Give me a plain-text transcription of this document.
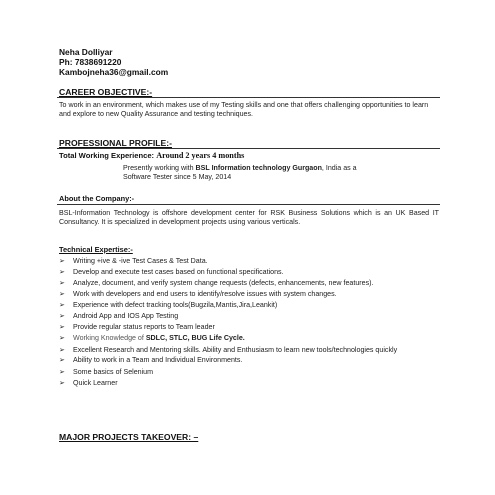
Neha Dolliyar
Ph: 7838691220
Kambojneha36@gmail.com
CAREER OBJECTIVE:-
To work in an environment, which makes use of my Testing skills and one that offers challenging opportunities to learn and explore to new Quality Assurance and testing techniques.
PROFESSIONAL PROFILE:-
Total Working Experience: Around 2 years 4 months
Presently working with BSL Information technology Gurgaon, India as a
Software Tester since 5 May, 2014
About the Company:-
BSL-Information Technology is offshore development center for RSK Business Solutions which is an UK Based IT Consultancy. It is specialized in development projects using various verticals.
Technical Expertise:-
➢ Writing +ive & -ive Test Cases & Test Data.
➢ Develop and execute test cases based on functional specifications.
➢ Analyze, document, and verify system change requests (defects, enhancements, new features).
➢ Work with developers and end users to identify/resolve issues with system changes.
➢ Experience with defect tracking tools(Bugzila,Mantis,Jira,Leankit)
➢ Android App and IOS App Testing
➢ Provide regular status reports to Team leader
➢ Working Knowledge of SDLC, STLC, BUG Life Cycle.
➢ Excellent Research and Mentoring skills. Ability and Enthusiasm to learn new tools/technologies quickly
➢ Ability to work in a Team and Individual Environments.
➢ Some basics of Selenium
➢ Quick Learner
MAJOR PROJECTS TAKEOVER: –
